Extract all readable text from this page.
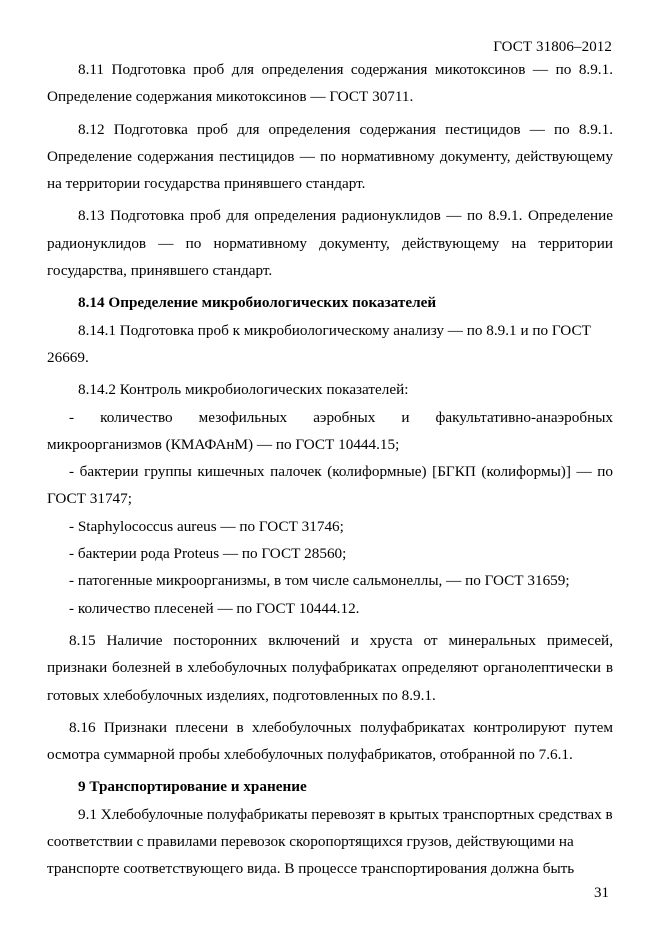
ГОСТ 31806–2012

8.11 Подготовка проб для определения содержания микотоксинов — по 8.9.1. Определение содержания микотоксинов — ГОСТ 30711.

8.12 Подготовка проб для определения содержания пестицидов — по 8.9.1. Определение содержания пестицидов — по нормативному документу, действующему на территории государства принявшего стандарт.

8.13 Подготовка проб для определения радионуклидов — по 8.9.1. Определение радионуклидов — по нормативному документу, действующему на территории государства, принявшего стандарт.

8.14 Определение микробиологических показателей

8.14.1 Подготовка проб к микробиологическому анализу — по 8.9.1 и по ГОСТ 26669.

8.14.2 Контроль микробиологических показателей:

- количество мезофильных аэробных и факультативно-анаэробных микроорганизмов (КМАФАнМ) — по ГОСТ 10444.15;

- бактерии группы кишечных палочек (колиформные) [БГКП (колиформы)] — по ГОСТ 31747;

- Staphylococcus aureus — по ГОСТ 31746;

- бактерии рода Proteus — по ГОСТ 28560;

- патогенные микроорганизмы, в том числе сальмонеллы, — по ГОСТ 31659;

- количество плесеней — по ГОСТ 10444.12.

8.15 Наличие посторонних включений и хруста от минеральных примесей, признаки болезней в хлебобулочных полуфабрикатах определяют органолептически в готовых хлебобулочных изделиях, подготовленных по 8.9.1.

8.16 Признаки плесени в хлебобулочных полуфабрикатах контролируют путем осмотра суммарной пробы хлебобулочных полуфабрикатов, отобранной по 7.6.1.

9 Транспортирование и хранение

9.1 Хлебобулочные полуфабрикаты перевозят в крытых транспортных средствах в соответствии с правилами перевозок скоропортящихся грузов, действующими на транспорте соответствующего вида. В процессе транспортирования должна быть

31
